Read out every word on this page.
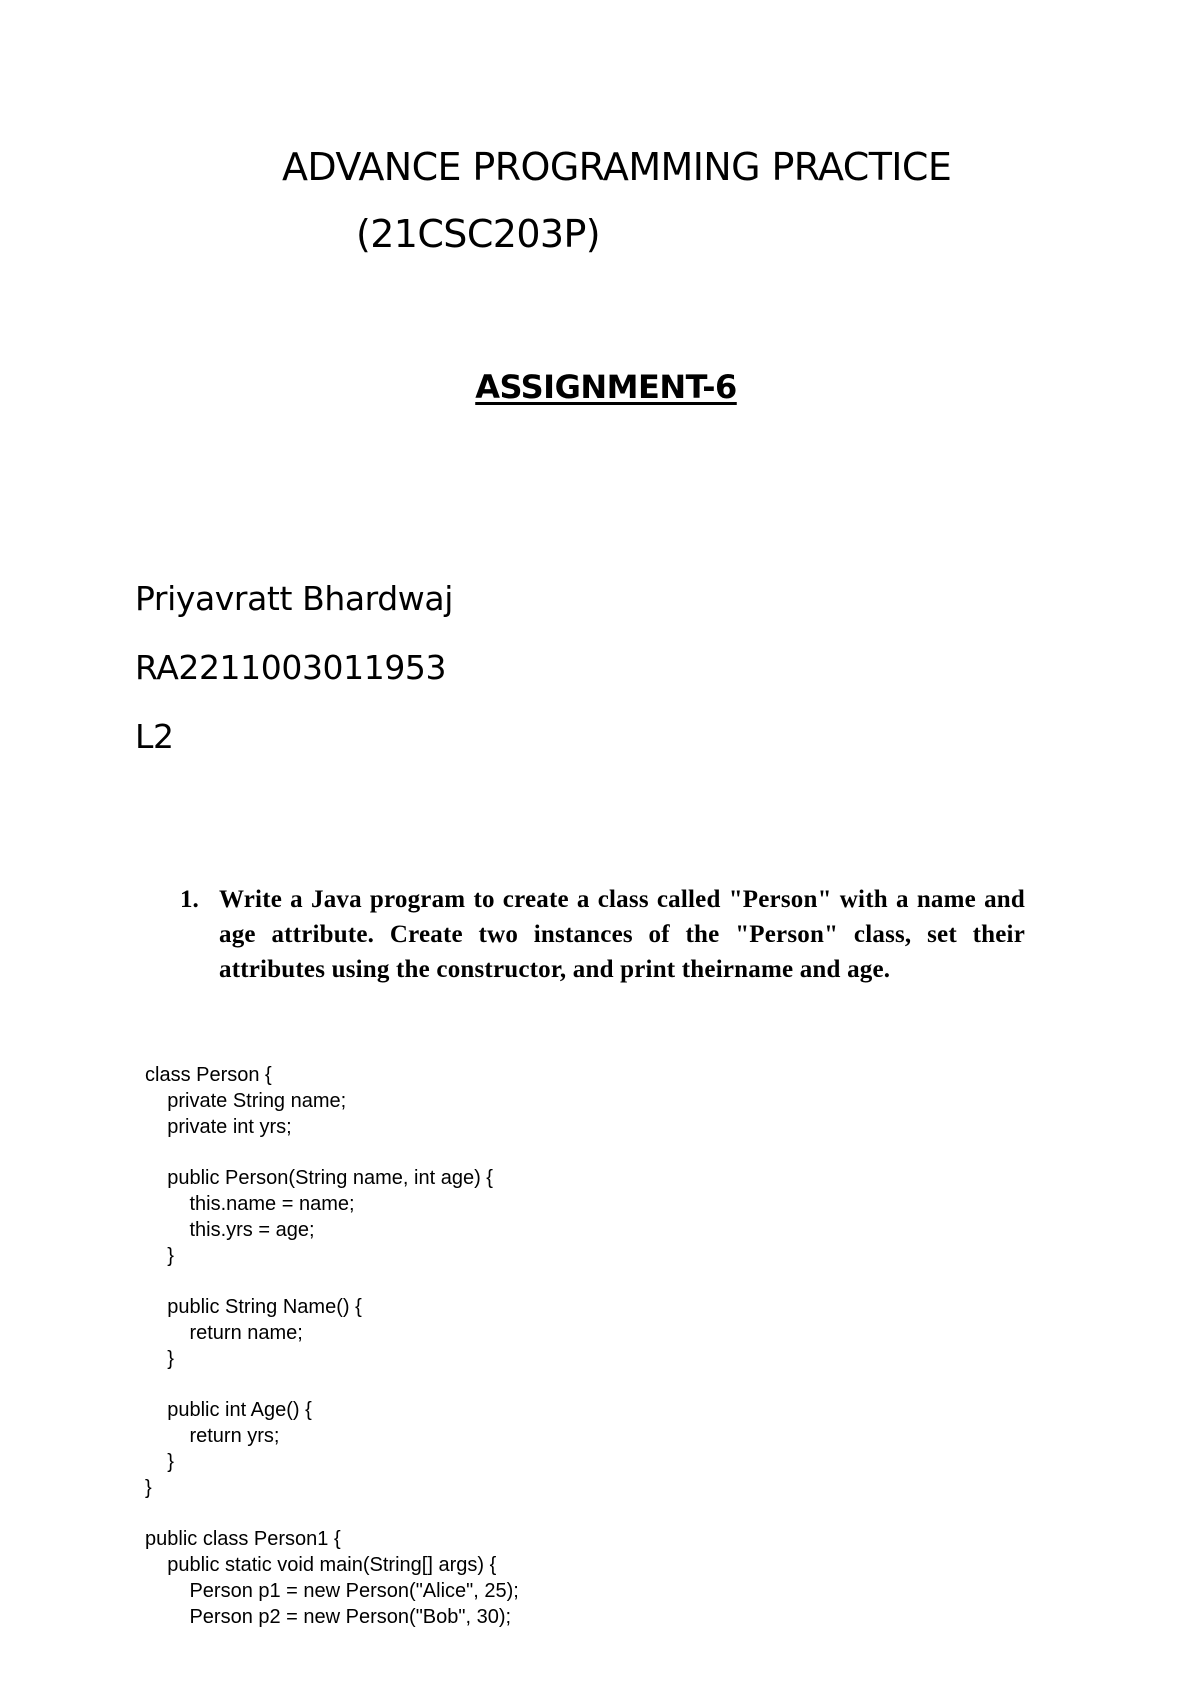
ADVANCE PROGRAMMING PRACTICE
(21CSC203P)
ASSIGNMENT-6
Priyavratt Bhardwaj
RA2211003011953
L2
1. Write a Java program to create a class called "Person" with a name and age attribute. Create two instances of the "Person" class, set their attributes using the constructor, and print theirname and age.
class Person {
private String name;
private int yrs;
public Person(String name, int age) {
this.name = name;
this.yrs = age;
}
public String Name() {
return name;
}
public int Age() {
return yrs;
}
}
public class Person1 {
public static void main(String[] args) {
Person p1 = new Person("Alice", 25);
Person p2 = new Person("Bob", 30);
